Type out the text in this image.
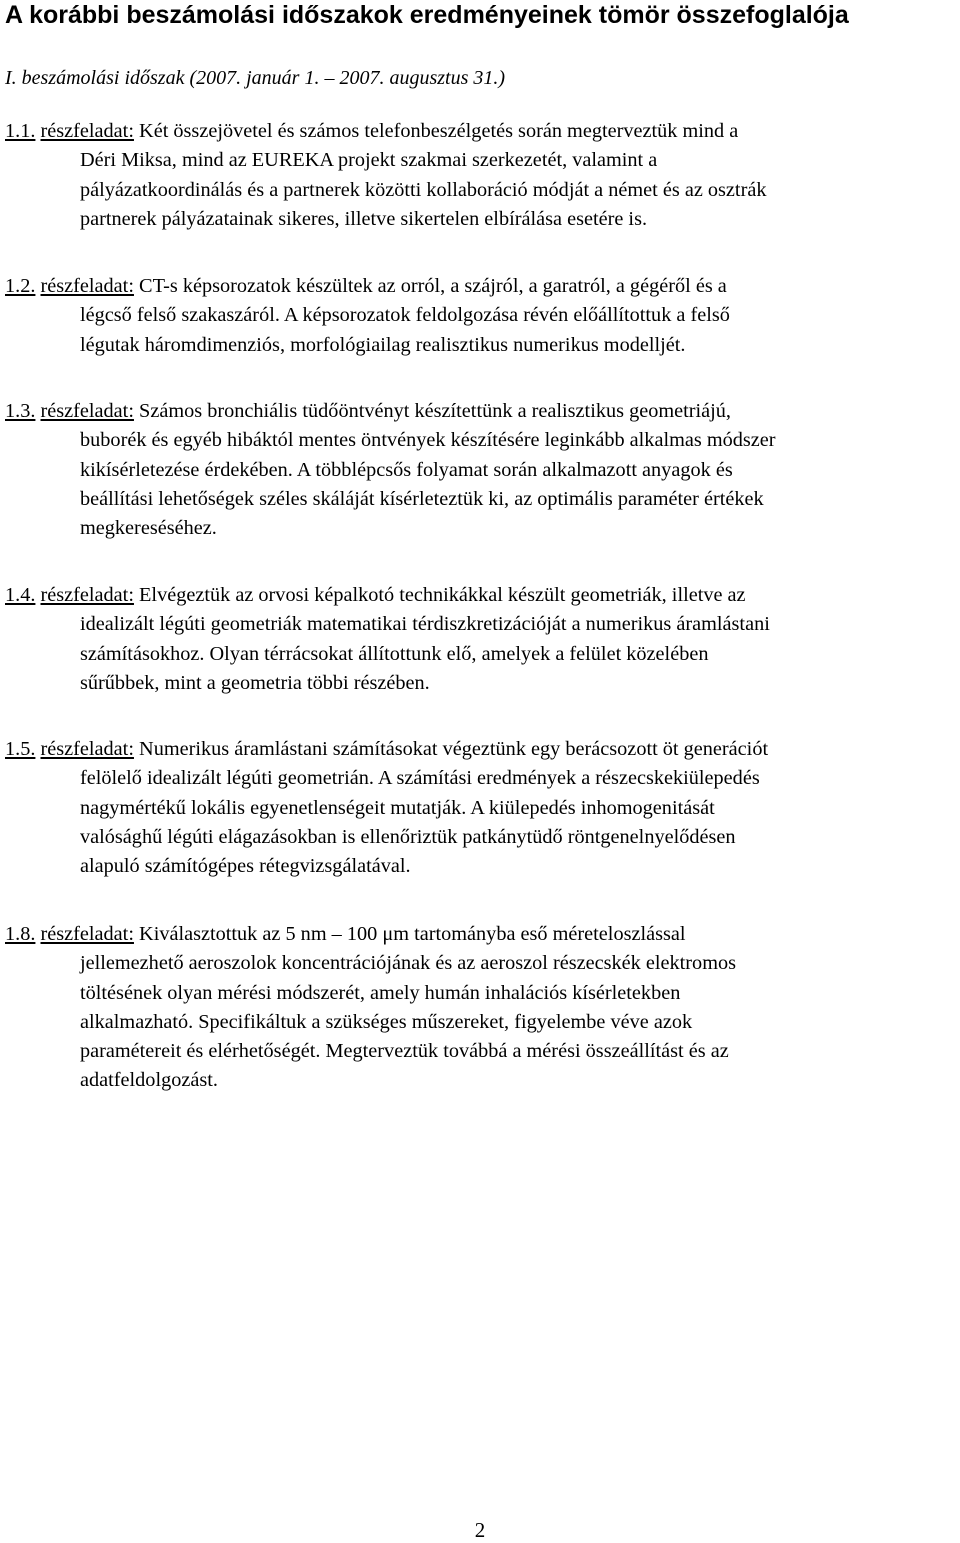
A korábbi beszámolási időszakok eredményeinek tömör összefoglalója

I. beszámolási időszak (2007. január 1. – 2007. augusztus 31.)

1.1. részfeladat: Két összejövetel és számos telefonbeszélgetés során megterveztük mind a
Déri Miksa, mind az EUREKA projekt szakmai szerkezetét, valamint a
pályázatkoordinálás és a partnerek közötti kollaboráció módját a német és az osztrák
partnerek pályázatainak sikeres, illetve sikertelen elbírálása esetére is.
1.2. részfeladat: CT-s képsorozatok készültek az orról, a szájról, a garatról, a gégéről és a
légcső felső szakaszáról. A képsorozatok feldolgozása révén előállítottuk a felső
légutak háromdimenziós, morfológiailag realisztikus numerikus modelljét.
1.3. részfeladat: Számos bronchiális tüdőöntvényt készítettünk a realisztikus geometriájú,
buborék és egyéb hibáktól mentes öntvények készítésére leginkább alkalmas módszer
kikísérletezése érdekében. A többlépcsős folyamat során alkalmazott anyagok és
beállítási lehetőségek széles skáláját kísérleteztük ki, az optimális paraméter értékek
megkereséséhez.
1.4. részfeladat: Elvégeztük az orvosi képalkotó technikákkal készült geometriák, illetve az
idealizált légúti geometriák matematikai térdiszkretizációját a numerikus áramlástani
számításokhoz. Olyan térrácsokat állítottunk elő, amelyek a felület közelében
sűrűbbek, mint a geometria többi részében.
1.5. részfeladat: Numerikus áramlástani számításokat végeztünk egy berácsozott öt generációt
felölelő idealizált légúti geometrián. A számítási eredmények a részecskekiülepedés
nagymértékű lokális egyenetlenségeit mutatják. A kiülepedés inhomogenitását
valósághű légúti elágazásokban is ellenőriztük patkánytüdő röntgenelnyelődésen
alapuló számítógépes rétegvizsgálatával.
1.8. részfeladat: Kiválasztottuk az 5 nm – 100 μm tartományba eső méreteloszlással
jellemezhető aeroszolok koncentrációjának és az aeroszol részecskék elektromos
töltésének olyan mérési módszerét, amely humán inhalációs kísérletekben
alkalmazható. Specifikáltuk a szükséges műszereket, figyelembe véve azok
paramétereit és elérhetőségét. Megterveztük továbbá a mérési összeállítást és az
adatfeldolgozást.

2
